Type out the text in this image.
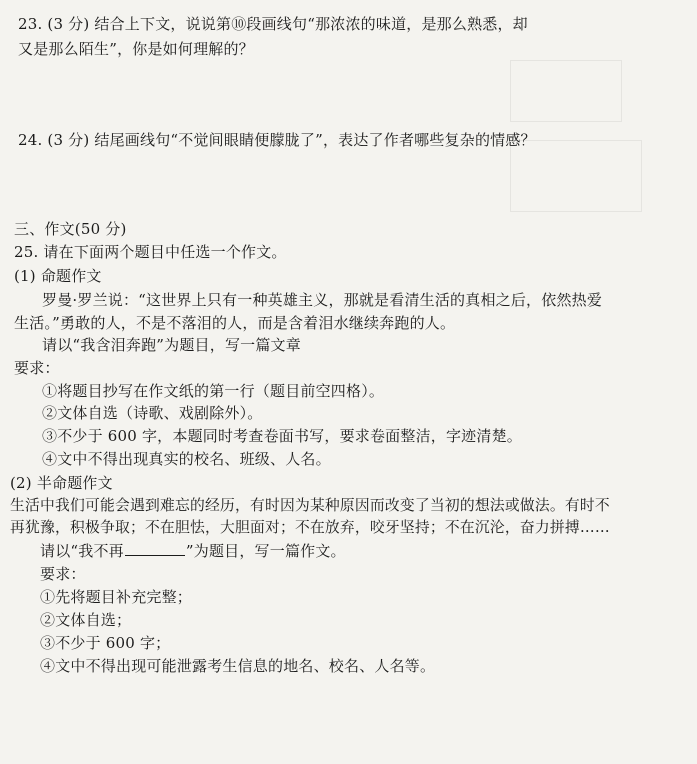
23. (3 分) 结合上下文，说说第⑩段画线句“那浓浓的味道，是那么熟悉，却
又是那么陌生”，你是如何理解的？
24. (3 分) 结尾画线句“不觉间眼睛便朦胧了”，表达了作者哪些复杂的情感？
三、作文(50 分)
25. 请在下面两个题目中任选一个作文。
(1) 命题作文
罗曼·罗兰说：“这世界上只有一种英雄主义，那就是看清生活的真相之后，依然热爱
生活。”勇敢的人，不是不落泪的人，而是含着泪水继续奔跑的人。
请以“我含泪奔跑”为题目，写一篇文章
要求：
①将题目抄写在作文纸的第一行（题目前空四格）。
②文体自选（诗歌、戏剧除外）。
③不少于 600 字，本题同时考查卷面书写，要求卷面整洁，字迹清楚。
④文中不得出现真实的校名、班级、人名。
(2) 半命题作文
生活中我们可能会遇到难忘的经历，有时因为某种原因而改变了当初的想法或做法。有时不
再犹豫，积极争取；不在胆怯，大胆面对；不在放弃，咬牙坚持；不在沉沦，奋力拼搏……
请以“我不再	”为题目，写一篇作文。
要求：
①先将题目补充完整；
②文体自选；
③不少于 600 字；
④文中不得出现可能泄露考生信息的地名、校名、人名等。
